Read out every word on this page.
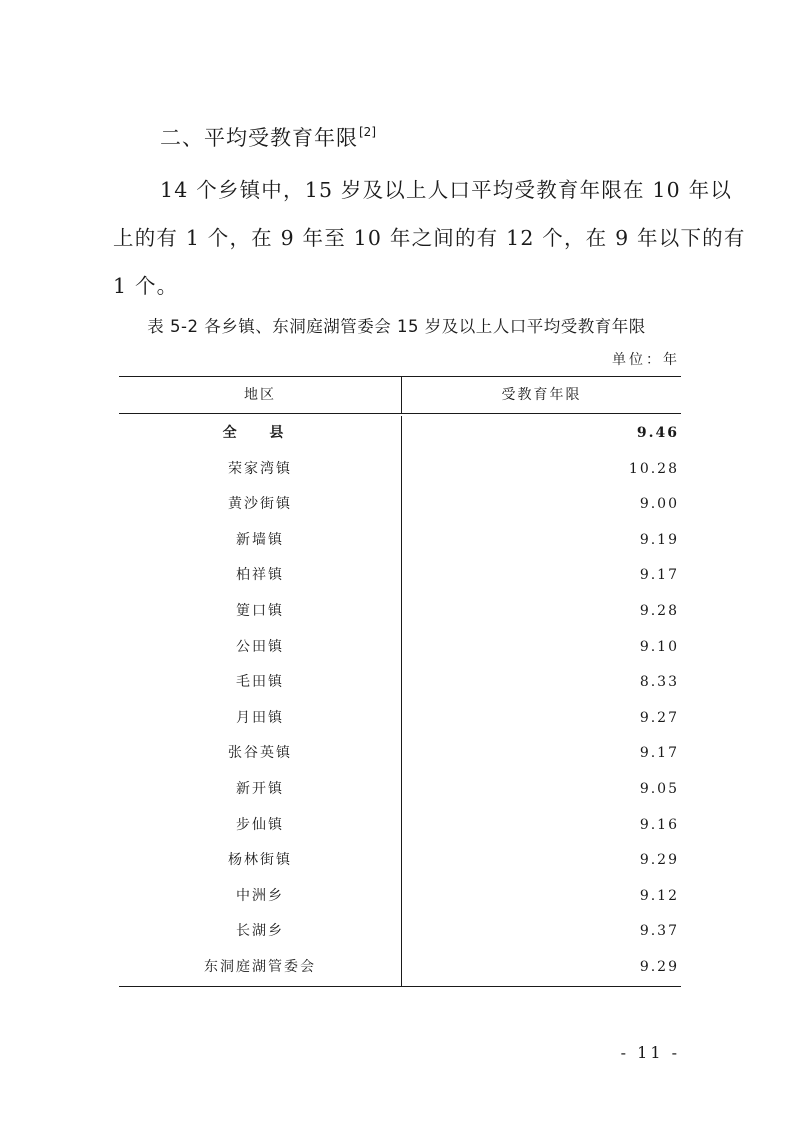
二、平均受教育年限[2]
14 个乡镇中，15 岁及以上人口平均受教育年限在 10 年以
上的有 1 个，在 9 年至 10 年之间的有 12 个，在 9 年以下的有
1 个。
表 5-2 各乡镇、东洞庭湖管委会 15 岁及以上人口平均受教育年限
单位：年
地区	受教育年限
全 县	9.46
荣家湾镇	10.28
黄沙街镇	9.00
新墙镇	9.19
柏祥镇	9.17
筻口镇	9.28
公田镇	9.10
毛田镇	8.33
月田镇	9.27
张谷英镇	9.17
新开镇	9.05
步仙镇	9.16
杨林街镇	9.29
中洲乡	9.12
长湖乡	9.37
东洞庭湖管委会	9.29
- 11 -
